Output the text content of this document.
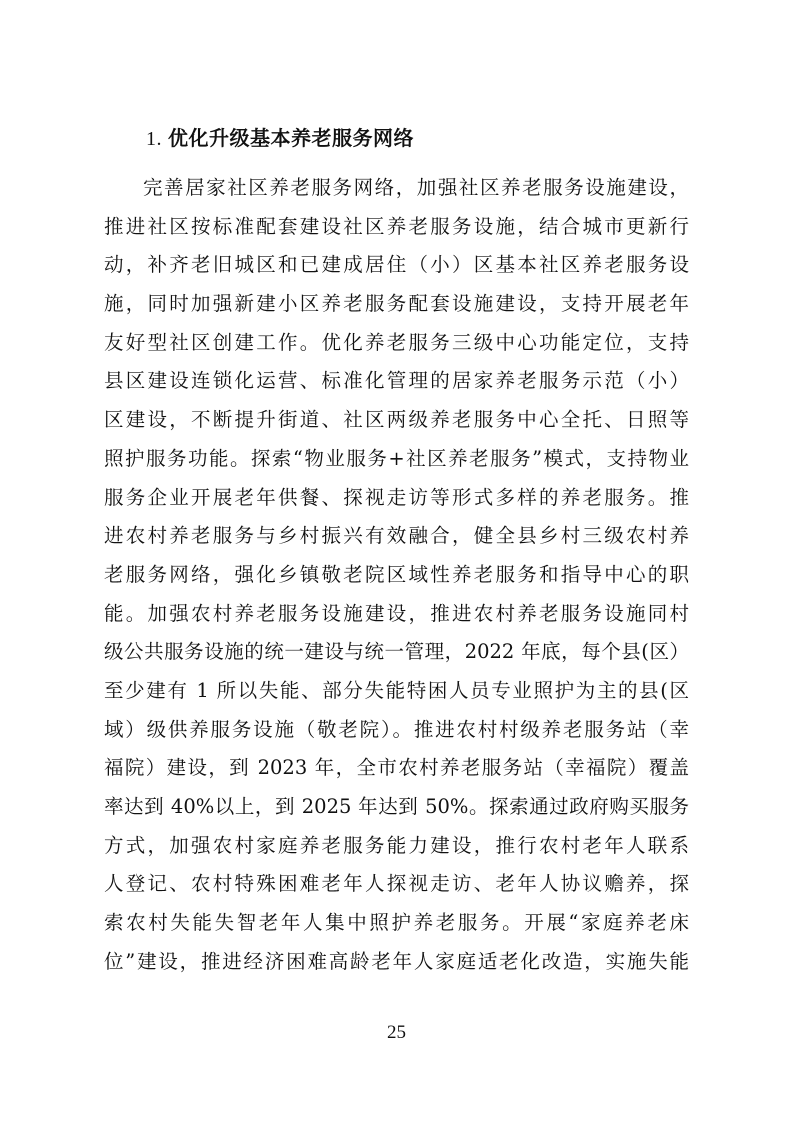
1. 优化升级基本养老服务网络
完善居家社区养老服务网络，加强社区养老服务设施建设，
推进社区按标准配套建设社区养老服务设施，结合城市更新行
动，补齐老旧城区和已建成居住（小）区基本社区养老服务设
施，同时加强新建小区养老服务配套设施建设，支持开展老年
友好型社区创建工作。优化养老服务三级中心功能定位，支持
县区建设连锁化运营、标准化管理的居家养老服务示范（小）
区建设，不断提升街道、社区两级养老服务中心全托、日照等
照护服务功能。探索“物业服务+社区养老服务”模式，支持物业
服务企业开展老年供餐、探视走访等形式多样的养老服务。推
进农村养老服务与乡村振兴有效融合，健全县乡村三级农村养
老服务网络，强化乡镇敬老院区域性养老服务和指导中心的职
能。加强农村养老服务设施建设，推进农村养老服务设施同村
级公共服务设施的统一建设与统一管理，2022 年底，每个县(区）
至少建有 1 所以失能、部分失能特困人员专业照护为主的县(区
域）级供养服务设施（敬老院）。推进农村村级养老服务站（幸
福院）建设，到 2023 年，全市农村养老服务站（幸福院）覆盖
率达到 40%以上，到 2025 年达到 50%。探索通过政府购买服务
方式，加强农村家庭养老服务能力建设，推行农村老年人联系
人登记、农村特殊困难老年人探视走访、老年人协议赡养，探
索农村失能失智老年人集中照护养老服务。开展“家庭养老床
位”建设，推进经济困难高龄老年人家庭适老化改造，实施失能
25
